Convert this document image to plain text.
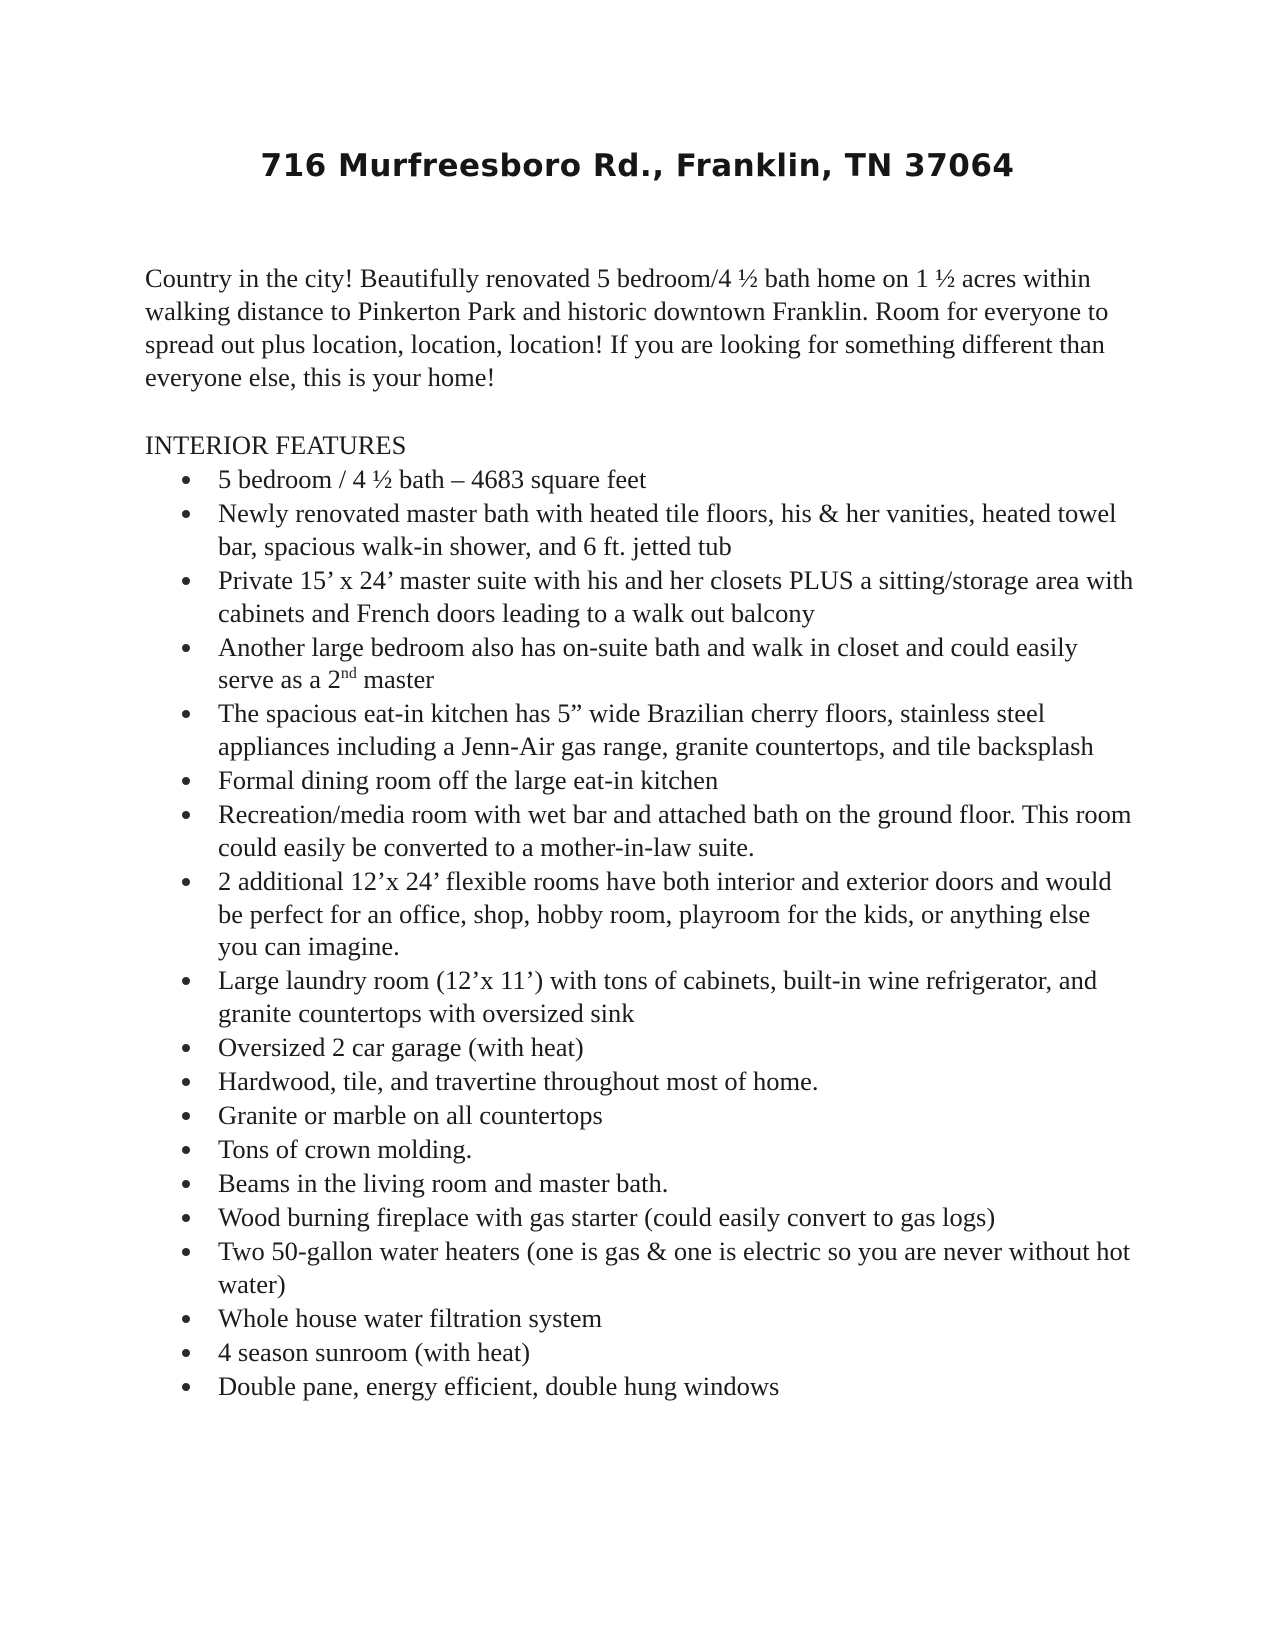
716 Murfreesboro Rd., Franklin, TN 37064

Country in the city! Beautifully renovated 5 bedroom/4 ½ bath home on 1 ½ acres within walking distance to Pinkerton Park and historic downtown Franklin. Room for everyone to spread out plus location, location, location! If you are looking for something different than everyone else, this is your home!

INTERIOR FEATURES

5 bedroom / 4 ½ bath – 4683 square feet
Newly renovated master bath with heated tile floors, his & her vanities, heated towel bar, spacious walk-in shower, and 6 ft. jetted tub
Private 15’ x 24’ master suite with his and her closets PLUS a sitting/storage area with cabinets and French doors leading to a walk out balcony
Another large bedroom also has on-suite bath and walk in closet and could easily serve as a 2nd master
The spacious eat-in kitchen has 5” wide Brazilian cherry floors, stainless steel appliances including a Jenn-Air gas range, granite countertops, and tile backsplash
Formal dining room off the large eat-in kitchen
Recreation/media room with wet bar and attached bath on the ground floor. This room could easily be converted to a mother-in-law suite.
2 additional 12’x 24’ flexible rooms have both interior and exterior doors and would be perfect for an office, shop, hobby room, playroom for the kids, or anything else you can imagine.
Large laundry room (12’x 11’) with tons of cabinets, built-in wine refrigerator, and granite countertops with oversized sink
Oversized 2 car garage (with heat)
Hardwood, tile, and travertine throughout most of home.
Granite or marble on all countertops
Tons of crown molding.
Beams in the living room and master bath.
Wood burning fireplace with gas starter (could easily convert to gas logs)
Two 50-gallon water heaters (one is gas & one is electric so you are never without hot water)
Whole house water filtration system
4 season sunroom (with heat)
Double pane, energy efficient, double hung windows
